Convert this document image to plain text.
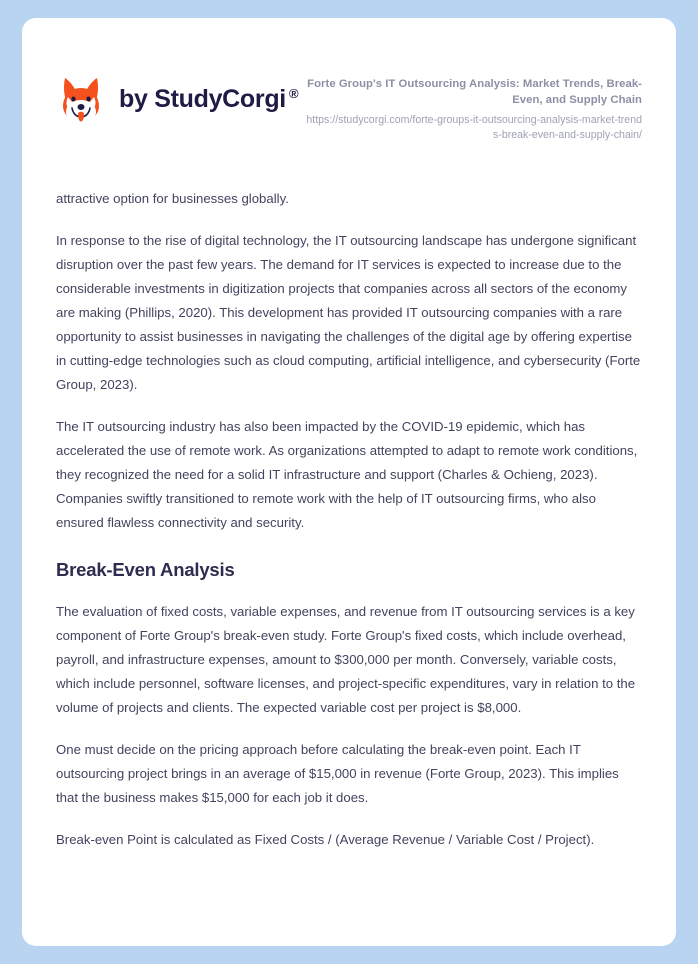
by StudyCorgi ®
Forte Group's IT Outsourcing Analysis: Market Trends, Break-Even, and Supply Chain
https://studycorgi.com/forte-groups-it-outsourcing-analysis-market-trends-break-even-and-supply-chain/

attractive option for businesses globally.

In response to the rise of digital technology, the IT outsourcing landscape has undergone significant disruption over the past few years. The demand for IT services is expected to increase due to the considerable investments in digitization projects that companies across all sectors of the economy are making (Phillips, 2020). This development has provided IT outsourcing companies with a rare opportunity to assist businesses in navigating the challenges of the digital age by offering expertise in cutting-edge technologies such as cloud computing, artificial intelligence, and cybersecurity (Forte Group, 2023).

The IT outsourcing industry has also been impacted by the COVID-19 epidemic, which has accelerated the use of remote work. As organizations attempted to adapt to remote work conditions, they recognized the need for a solid IT infrastructure and support (Charles & Ochieng, 2023). Companies swiftly transitioned to remote work with the help of IT outsourcing firms, who also ensured flawless connectivity and security.

Break-Even Analysis

The evaluation of fixed costs, variable expenses, and revenue from IT outsourcing services is a key component of Forte Group's break-even study. Forte Group's fixed costs, which include overhead, payroll, and infrastructure expenses, amount to $300,000 per month. Conversely, variable costs, which include personnel, software licenses, and project-specific expenditures, vary in relation to the volume of projects and clients. The expected variable cost per project is $8,000.

One must decide on the pricing approach before calculating the break-even point. Each IT outsourcing project brings in an average of $15,000 in revenue (Forte Group, 2023). This implies that the business makes $15,000 for each job it does.

Break-even Point is calculated as Fixed Costs / (Average Revenue / Variable Cost / Project).
